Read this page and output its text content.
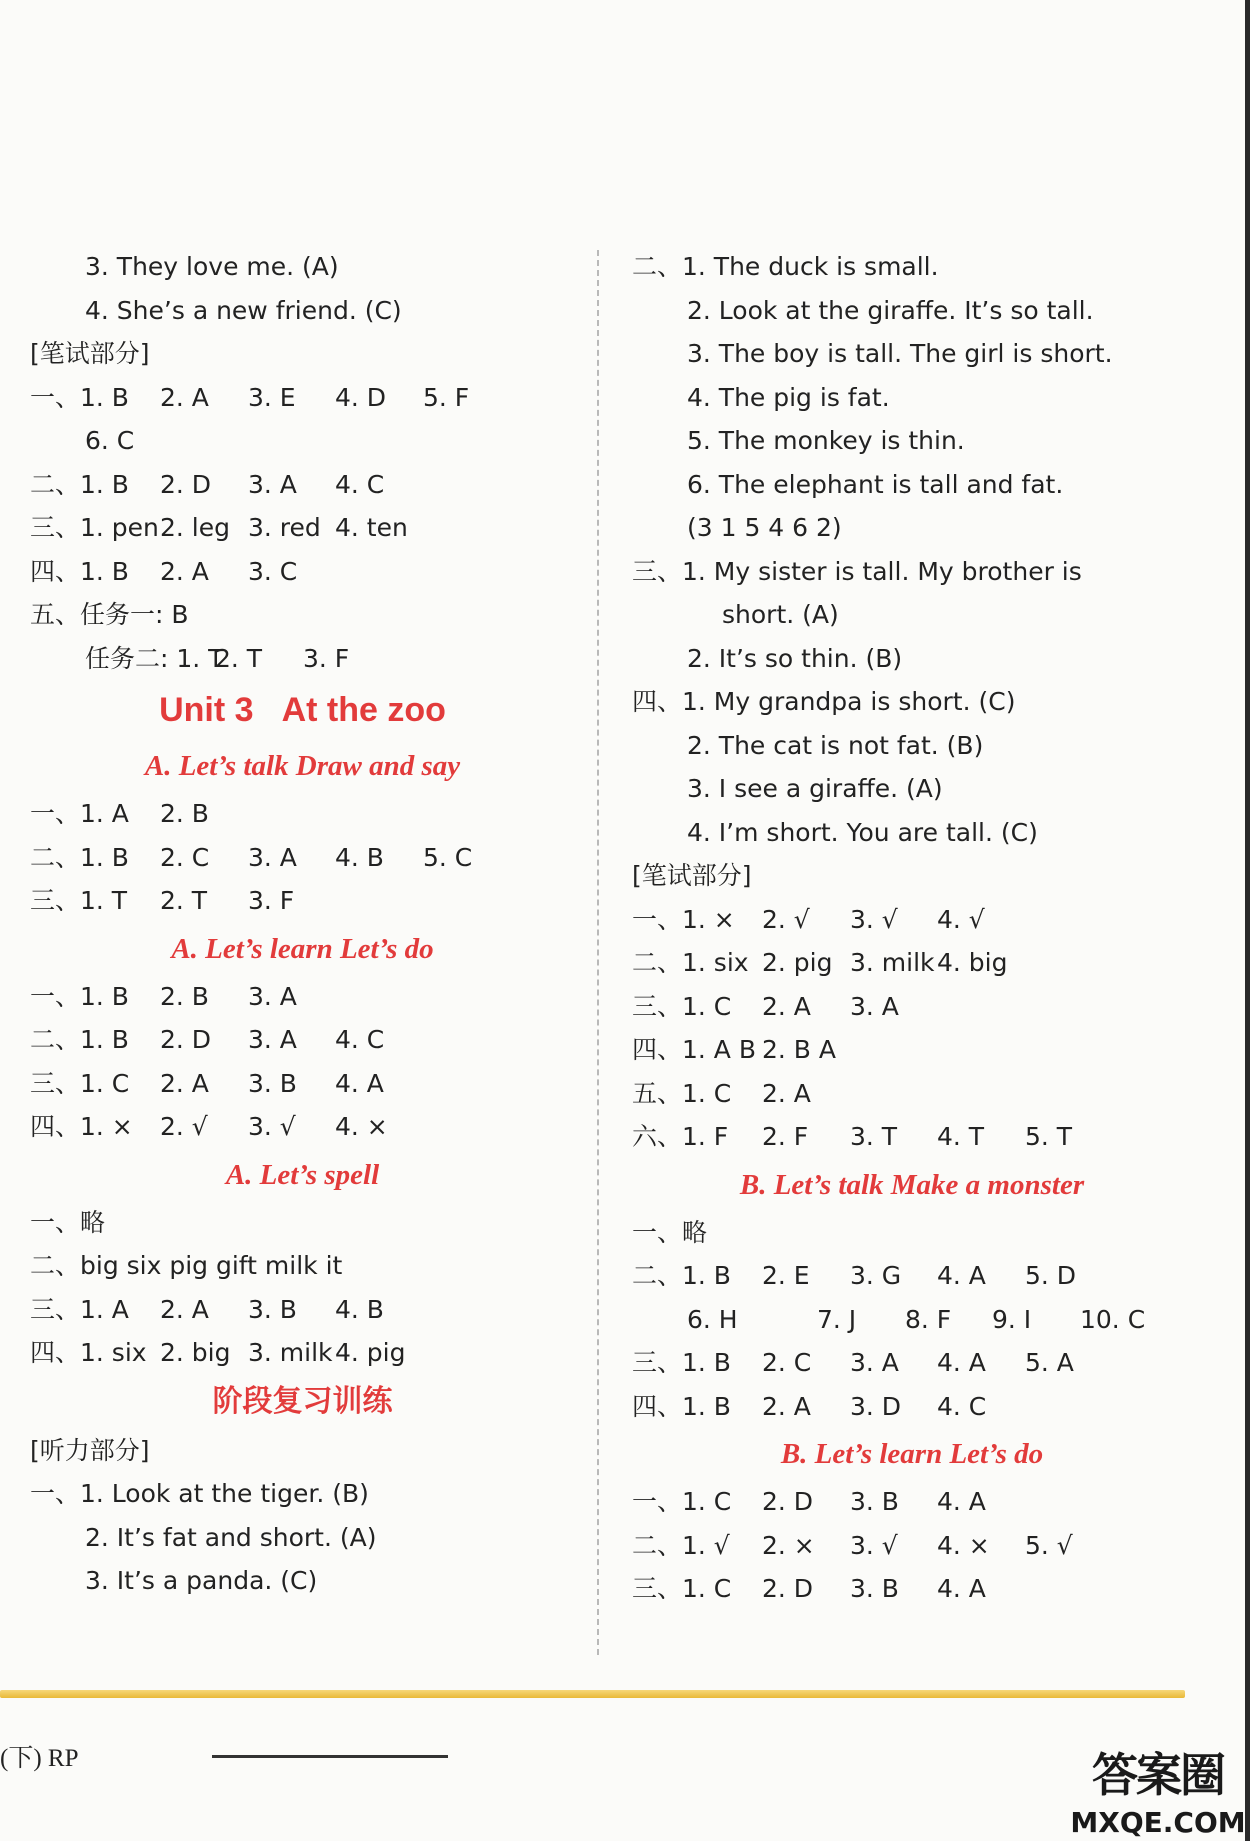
3. They love me. (A)
4. She’s a new friend. (C)
[笔试部分]
一、1. B 2. A 3. E 4. D 5. F
6. C
二、1. B 2. D 3. A 4. C
三、1. pen 2. leg 3. red 4. ten
四、1. B 2. A 3. C
五、任务一: B
任务二: 1. T
2. T 3. F
Unit 3 At the zoo
A. Let’s talk Draw and say
一、1. A 2. B
二、1. B 2. C 3. A 4. B 5. C
三、1. T 2. T 3. F
A. Let’s learn Let’s do
一、1. B 2. B 3. A
二、1. B 2. D 3. A 4. C
三、1. C 2. A 3. B 4. A
四、1. × 2. √ 3. √ 4. ×
A. Let’s spell
一、略
二、big six pig gift milk it
三、1. A 2. A 3. B 4. B
四、1. six 2. big 3. milk 4. pig
阶段复习训练
[听力部分]
一、1. Look at the tiger. (B)
2. It’s fat and short. (A)
3. It’s a panda. (C)
二、1. The duck is small.
2. Look at the giraffe. It’s so tall.
3. The boy is tall. The girl is short.
4. The pig is fat.
5. The monkey is thin.
6. The elephant is tall and fat.
(3 1 5 4 6 2)
三、1. My sister is tall. My brother is
short. (A)
2. It’s so thin. (B)
四、1. My grandpa is short. (C)
2. The cat is not fat. (B)
3. I see a giraffe. (A)
4. I’m short. You are tall. (C)
[笔试部分]
一、1. × 2. √ 3. √ 4. √
二、1. six 2. pig 3. milk 4. big
三、1. C 2. A 3. A
四、1. A B 2. B A
五、1. C 2. A
六、1. F 2. F 3. T 4. T 5. T
B. Let’s talk Make a monster
一、略
二、1. B 2. E 3. G 4. A 5. D
6. H	7. J 8. F 9. I 10. C
三、1. B 2. C 3. A 4. A 5. A
四、1. B 2. A 3. D 4. C
B. Let’s learn Let’s do
一、1. C 2. D 3. B 4. A
二、1. √ 2. × 3. √ 4. × 5. √
三、1. C 2. D 3. B 4. A
(下) RP	答案圈
MXQE.COM
